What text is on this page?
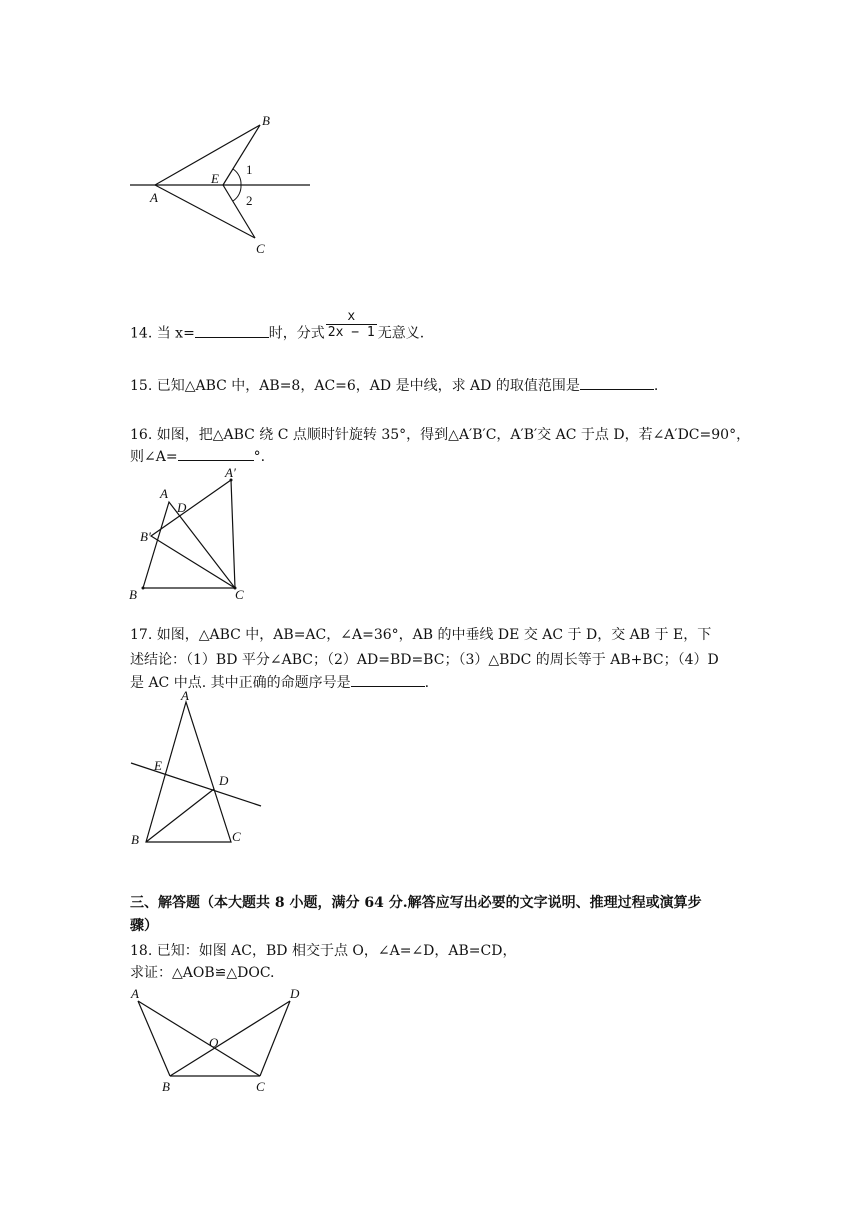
A
B
C
E
1
2
14. 当 x=	时，分式 $\frac{x}{2x - 1}$ 无意义.
15. 已知△ABC 中，AB=8，AC=6，AD 是中线，求 AD 的取值范围是	.
16. 如图，把△ABC 绕 C 点顺时针旋转 35°，得到△A′B′C，A′B′交 AC 于点 D，若∠A′DC=90°，
则∠A=	°.
A
A′
B
B′
C
D
17. 如图，△ABC 中，AB=AC，∠A=36°，AB 的中垂线 DE 交 AC 于 D，交 AB 于 E，下
述结论：（1）BD 平分∠ABC；（2）AD=BD=BC；（3）△BDC 的周长等于 AB+BC；（4）D
是 AC 中点. 其中正确的命题序号是	.
A
B	C
D
E
三、解答题（本大题共 8 小题，满分 64 分.解答应写出必要的文字说明、推理过程或演算步
骤）
18. 已知：如图 AC，BD 相交于点 O，∠A=∠D，AB=CD，
求证：△AOB≌△DOC.
A
B	C
D
O
